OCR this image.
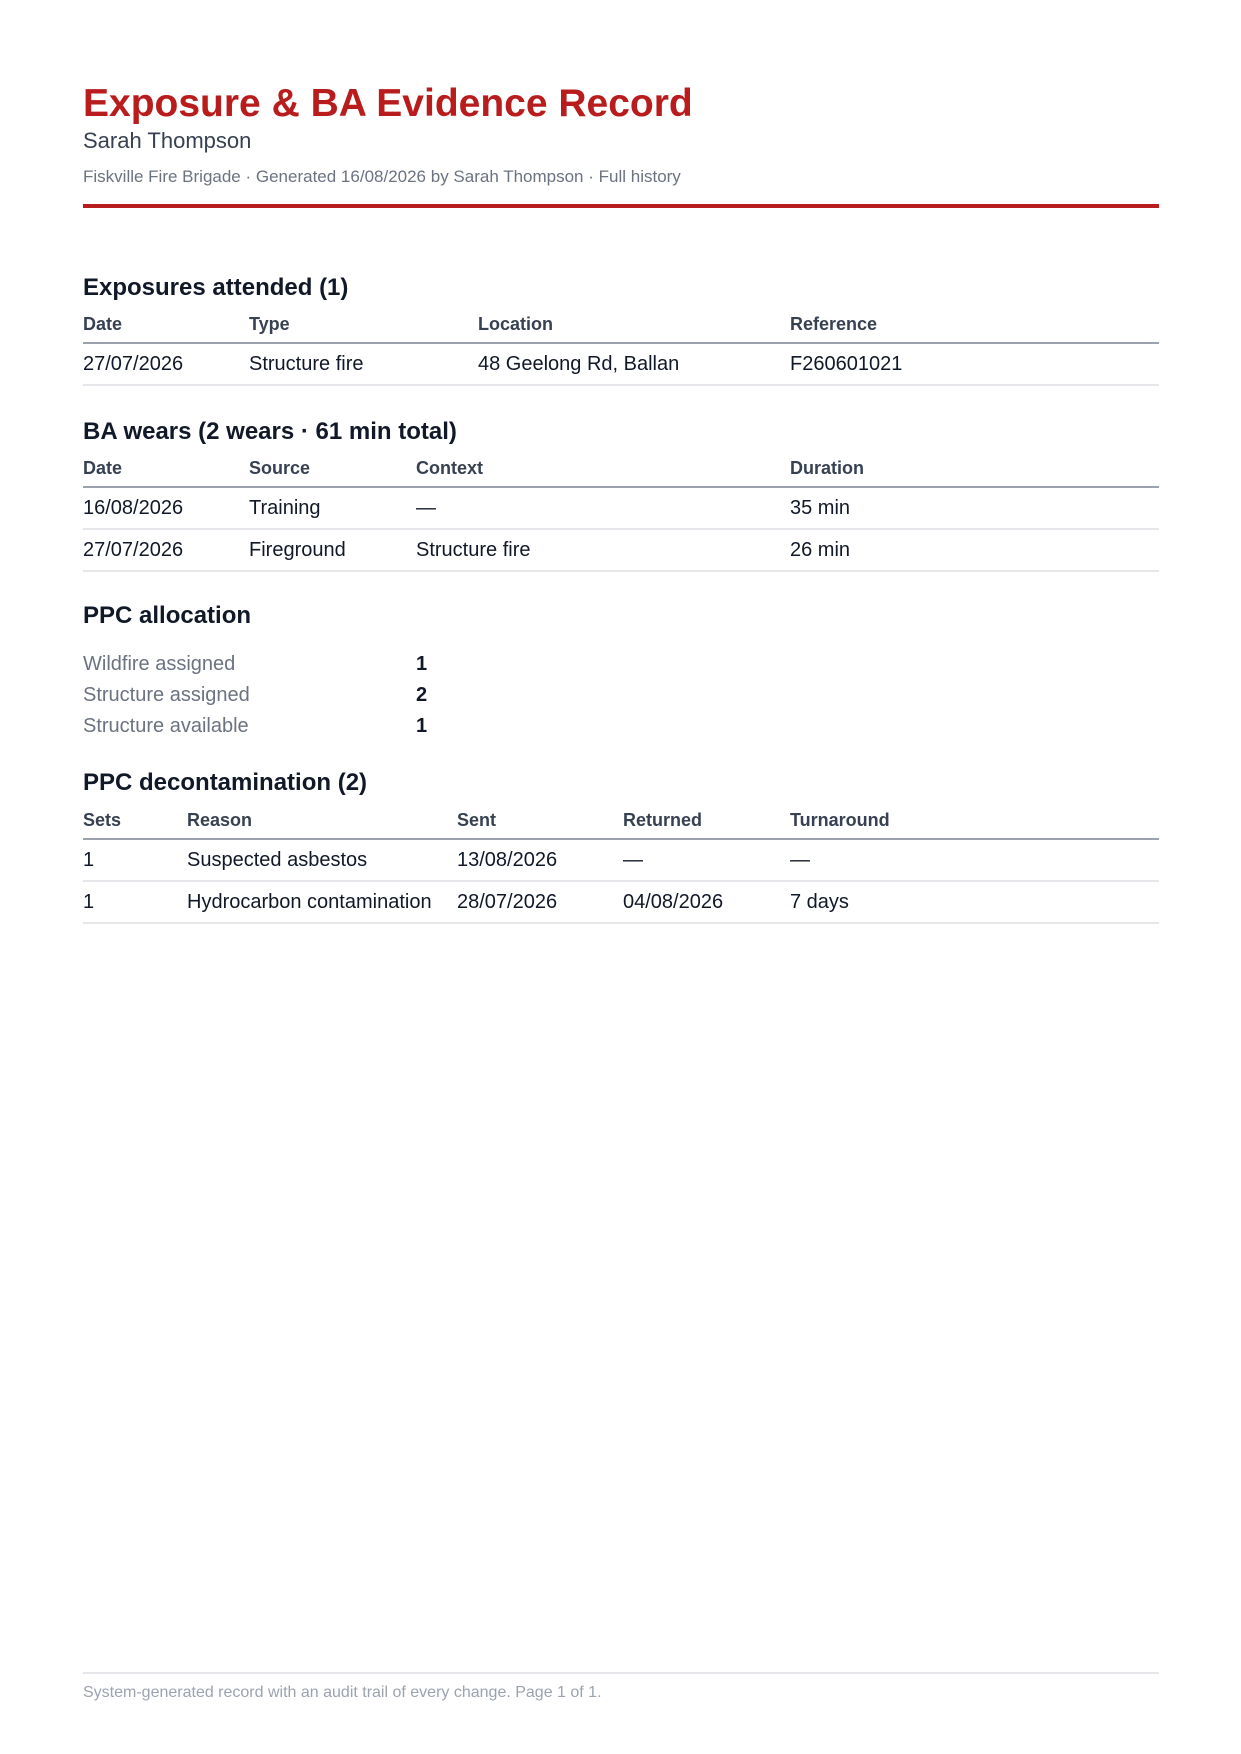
Exposure & BA Evidence Record
Sarah Thompson
Fiskville Fire Brigade · Generated 16/08/2026 by Sarah Thompson · Full history
Exposures attended (1)
Date	Type	Location	Reference
27/07/2026	Structure fire	48 Geelong Rd, Ballan	F260601021
BA wears (2 wears · 61 min total)
Date	Source	Context	Duration
16/08/2026	Training	—	35 min
27/07/2026	Fireground	Structure fire	26 min
PPC allocation
Wildfire assigned	1
Structure assigned	2
Structure available	1
PPC decontamination (2)
Sets	Reason	Sent	Returned	Turnaround
1	Suspected asbestos	13/08/2026	—	—
1	Hydrocarbon contamination 28/07/2026	04/08/2026	7 days
System-generated record with an audit trail of every change. Page 1 of 1.
